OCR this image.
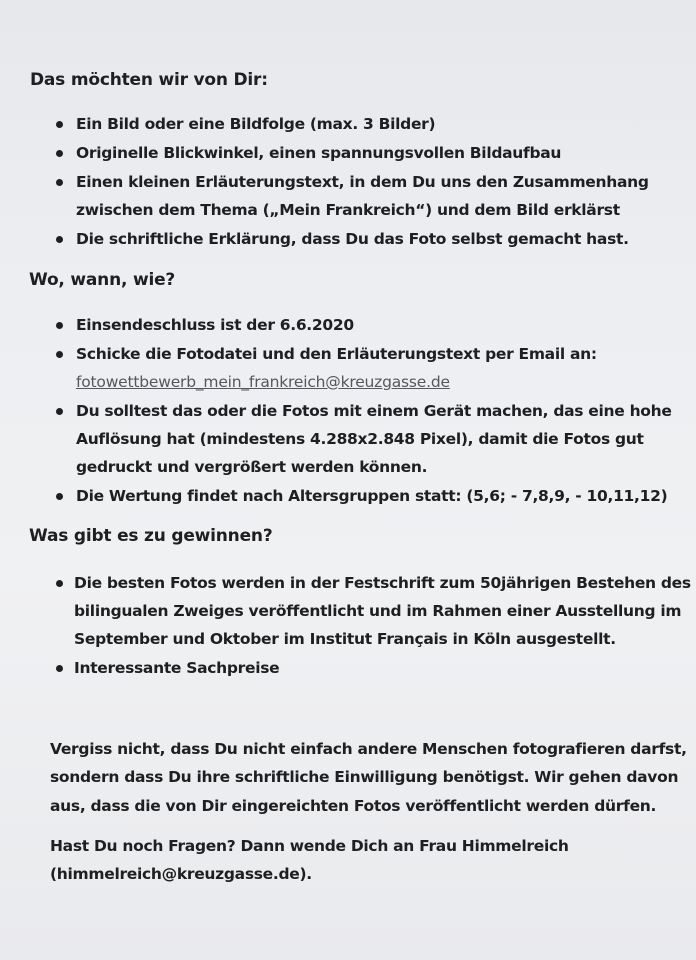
Das möchten wir von Dir:
Ein Bild oder eine Bildfolge (max. 3 Bilder)
Originelle Blickwinkel, einen spannungsvollen Bildaufbau
Einen kleinen Erläuterungstext, in dem Du uns den Zusammenhang
zwischen dem Thema („Mein Frankreich“) und dem Bild erklärst
Die schriftliche Erklärung, dass Du das Foto selbst gemacht hast.
Wo, wann, wie?
Einsendeschluss ist der 6.6.2020
Schicke die Fotodatei und den Erläuterungstext per Email an:
fotowettbewerb_mein_frankreich@kreuzgasse.de
Du solltest das oder die Fotos mit einem Gerät machen, das eine hohe
Auflösung hat (mindestens 4.288x2.848 Pixel), damit die Fotos gut
gedruckt und vergrößert werden können.
Die Wertung findet nach Altersgruppen statt: (5,6; - 7,8,9, - 10,11,12)
Was gibt es zu gewinnen?
Die besten Fotos werden in der Festschrift zum 50jährigen Bestehen des
bilingualen Zweiges veröffentlicht und im Rahmen einer Ausstellung im
September und Oktober im Institut Français in Köln ausgestellt.
Interessante Sachpreise
Vergiss nicht, dass Du nicht einfach andere Menschen fotografieren darfst,
sondern dass Du ihre schriftliche Einwilligung benötigst. Wir gehen davon
aus, dass die von Dir eingereichten Fotos veröffentlicht werden dürfen.
Hast Du noch Fragen? Dann wende Dich an Frau Himmelreich
(himmelreich@kreuzgasse.de).
